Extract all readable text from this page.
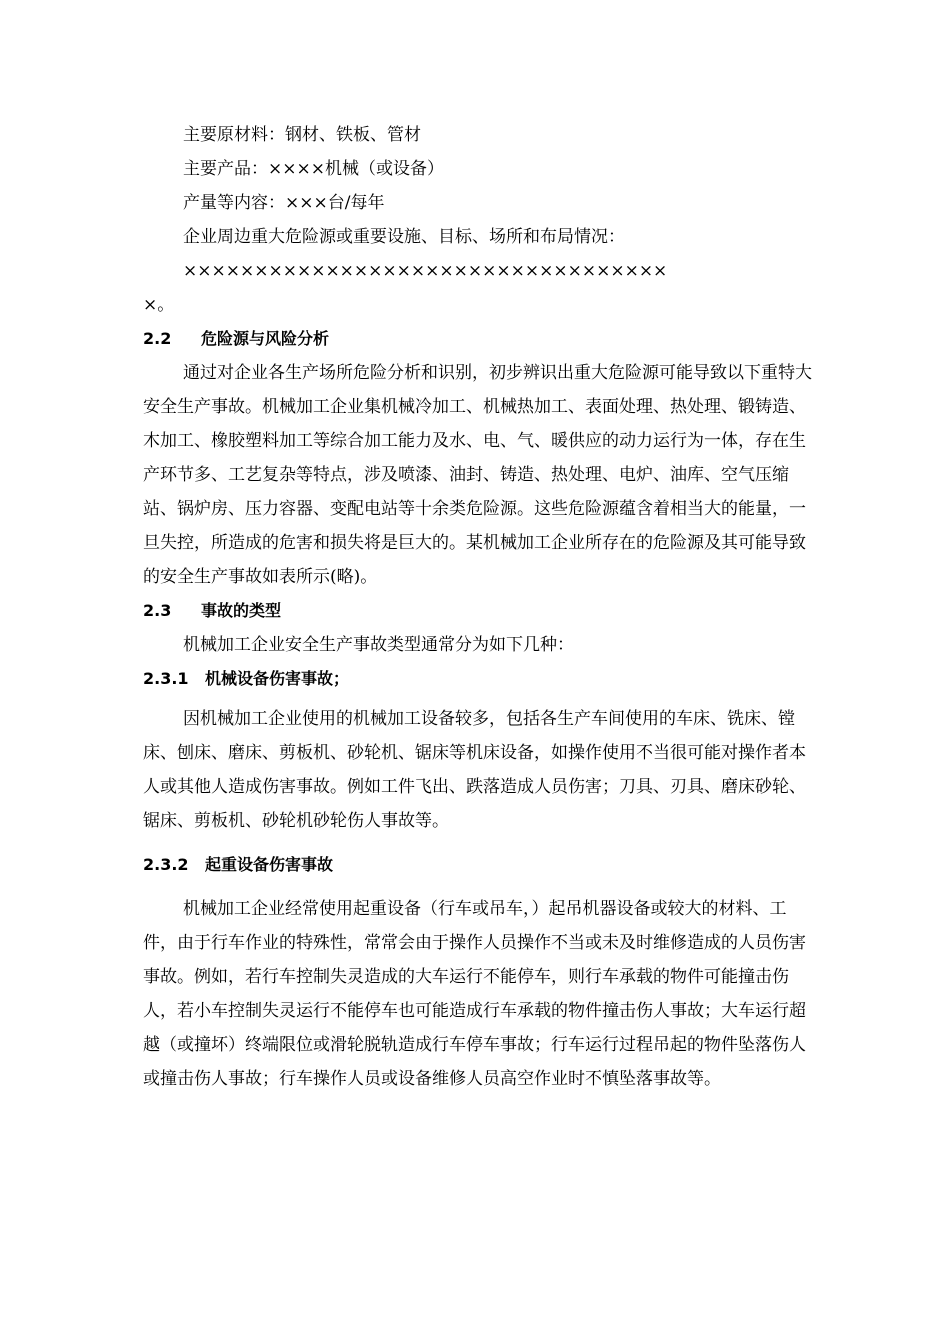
主要原材料：钢材、铁板、管材
主要产品：××××机械（或设备）
产量等内容：×××台/每年
企业周边重大危险源或重要设施、目标、场所和布局情况：
××××××××××××××××××××××××××××××××××
×。
2.2 危险源与风险分析

通过对企业各生产场所危险分析和识别，初步辨识出重大危险源可能导致以下重特大安全生产事故。机械加工企业集机械冷加工、机械热加工、表面处理、热处理、锻铸造、木加工、橡胶塑料加工等综合加工能力及水、电、气、暖供应的动力运行为一体，存在生产环节多、工艺复杂等特点，涉及喷漆、油封、铸造、热处理、电炉、油库、空气压缩站、锅炉房、压力容器、变配电站等十余类危险源。这些危险源蕴含着相当大的能量，一旦失控，所造成的危害和损失将是巨大的。某机械加工企业所存在的危险源及其可能导致的安全生产事故如表所示(略)。

2.3 事故的类型

机械加工企业安全生产事故类型通常分为如下几种：

2.3.1 机械设备伤害事故；

因机械加工企业使用的机械加工设备较多，包括各生产车间使用的车床、铣床、镗床、刨床、磨床、剪板机、砂轮机、锯床等机床设备，如操作使用不当很可能对操作者本人或其他人造成伤害事故。例如工件飞出、跌落造成人员伤害；刀具、刃具、磨床砂轮、锯床、剪板机、砂轮机砂轮伤人事故等。

2.3.2 起重设备伤害事故

机械加工企业经常使用起重设备（行车或吊车，）起吊机器设备或较大的材料、工件，由于行车作业的特殊性，常常会由于操作人员操作不当或未及时维修造成的人员伤害事故。例如，若行车控制失灵造成的大车运行不能停车，则行车承载的物件可能撞击伤人，若小车控制失灵运行不能停车也可能造成行车承载的物件撞击伤人事故；大车运行超越（或撞坏）终端限位或滑轮脱轨造成行车停车事故；行车运行过程吊起的物件坠落伤人或撞击伤人事故；行车操作人员或设备维修人员高空作业时不慎坠落事故等。
